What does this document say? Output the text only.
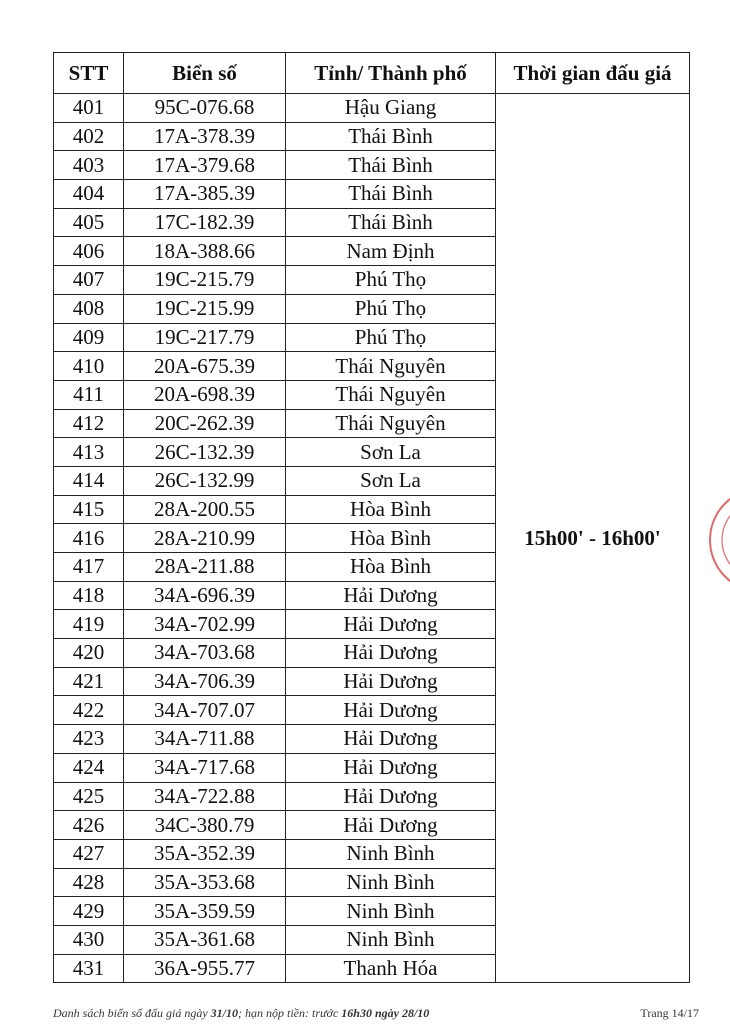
STT	Biển số	Tỉnh/ Thành phố	Thời gian đấu giá
401	95C-076.68	Hậu Giang	15h00' - 16h00'
402	17A-378.39	Thái Bình	
403	17A-379.68	Thái Bình	
404	17A-385.39	Thái Bình	
405	17C-182.39	Thái Bình	
406	18A-388.66	Nam Định	
407	19C-215.79	Phú Thọ	
408	19C-215.99	Phú Thọ	
409	19C-217.79	Phú Thọ	
410	20A-675.39	Thái Nguyên	
411	20A-698.39	Thái Nguyên	
412	20C-262.39	Thái Nguyên	
413	26C-132.39	Sơn La	
414	26C-132.99	Sơn La	
415	28A-200.55	Hòa Bình	
416	28A-210.99	Hòa Bình	
417	28A-211.88	Hòa Bình	
418	34A-696.39	Hải Dương	
419	34A-702.99	Hải Dương	
420	34A-703.68	Hải Dương	
421	34A-706.39	Hải Dương	
422	34A-707.07	Hải Dương	
423	34A-711.88	Hải Dương	
424	34A-717.68	Hải Dương	
425	34A-722.88	Hải Dương	
426	34C-380.79	Hải Dương	
427	35A-352.39	Ninh Bình	
428	35A-353.68	Ninh Bình	
429	35A-359.59	Ninh Bình	
430	35A-361.68	Ninh Bình	
431	36A-955.77	Thanh Hóa	
Danh sách biển số đấu giá ngày 31/10; hạn nộp tiền: trước 16h30 ngày 28/10	Trang 14/17
